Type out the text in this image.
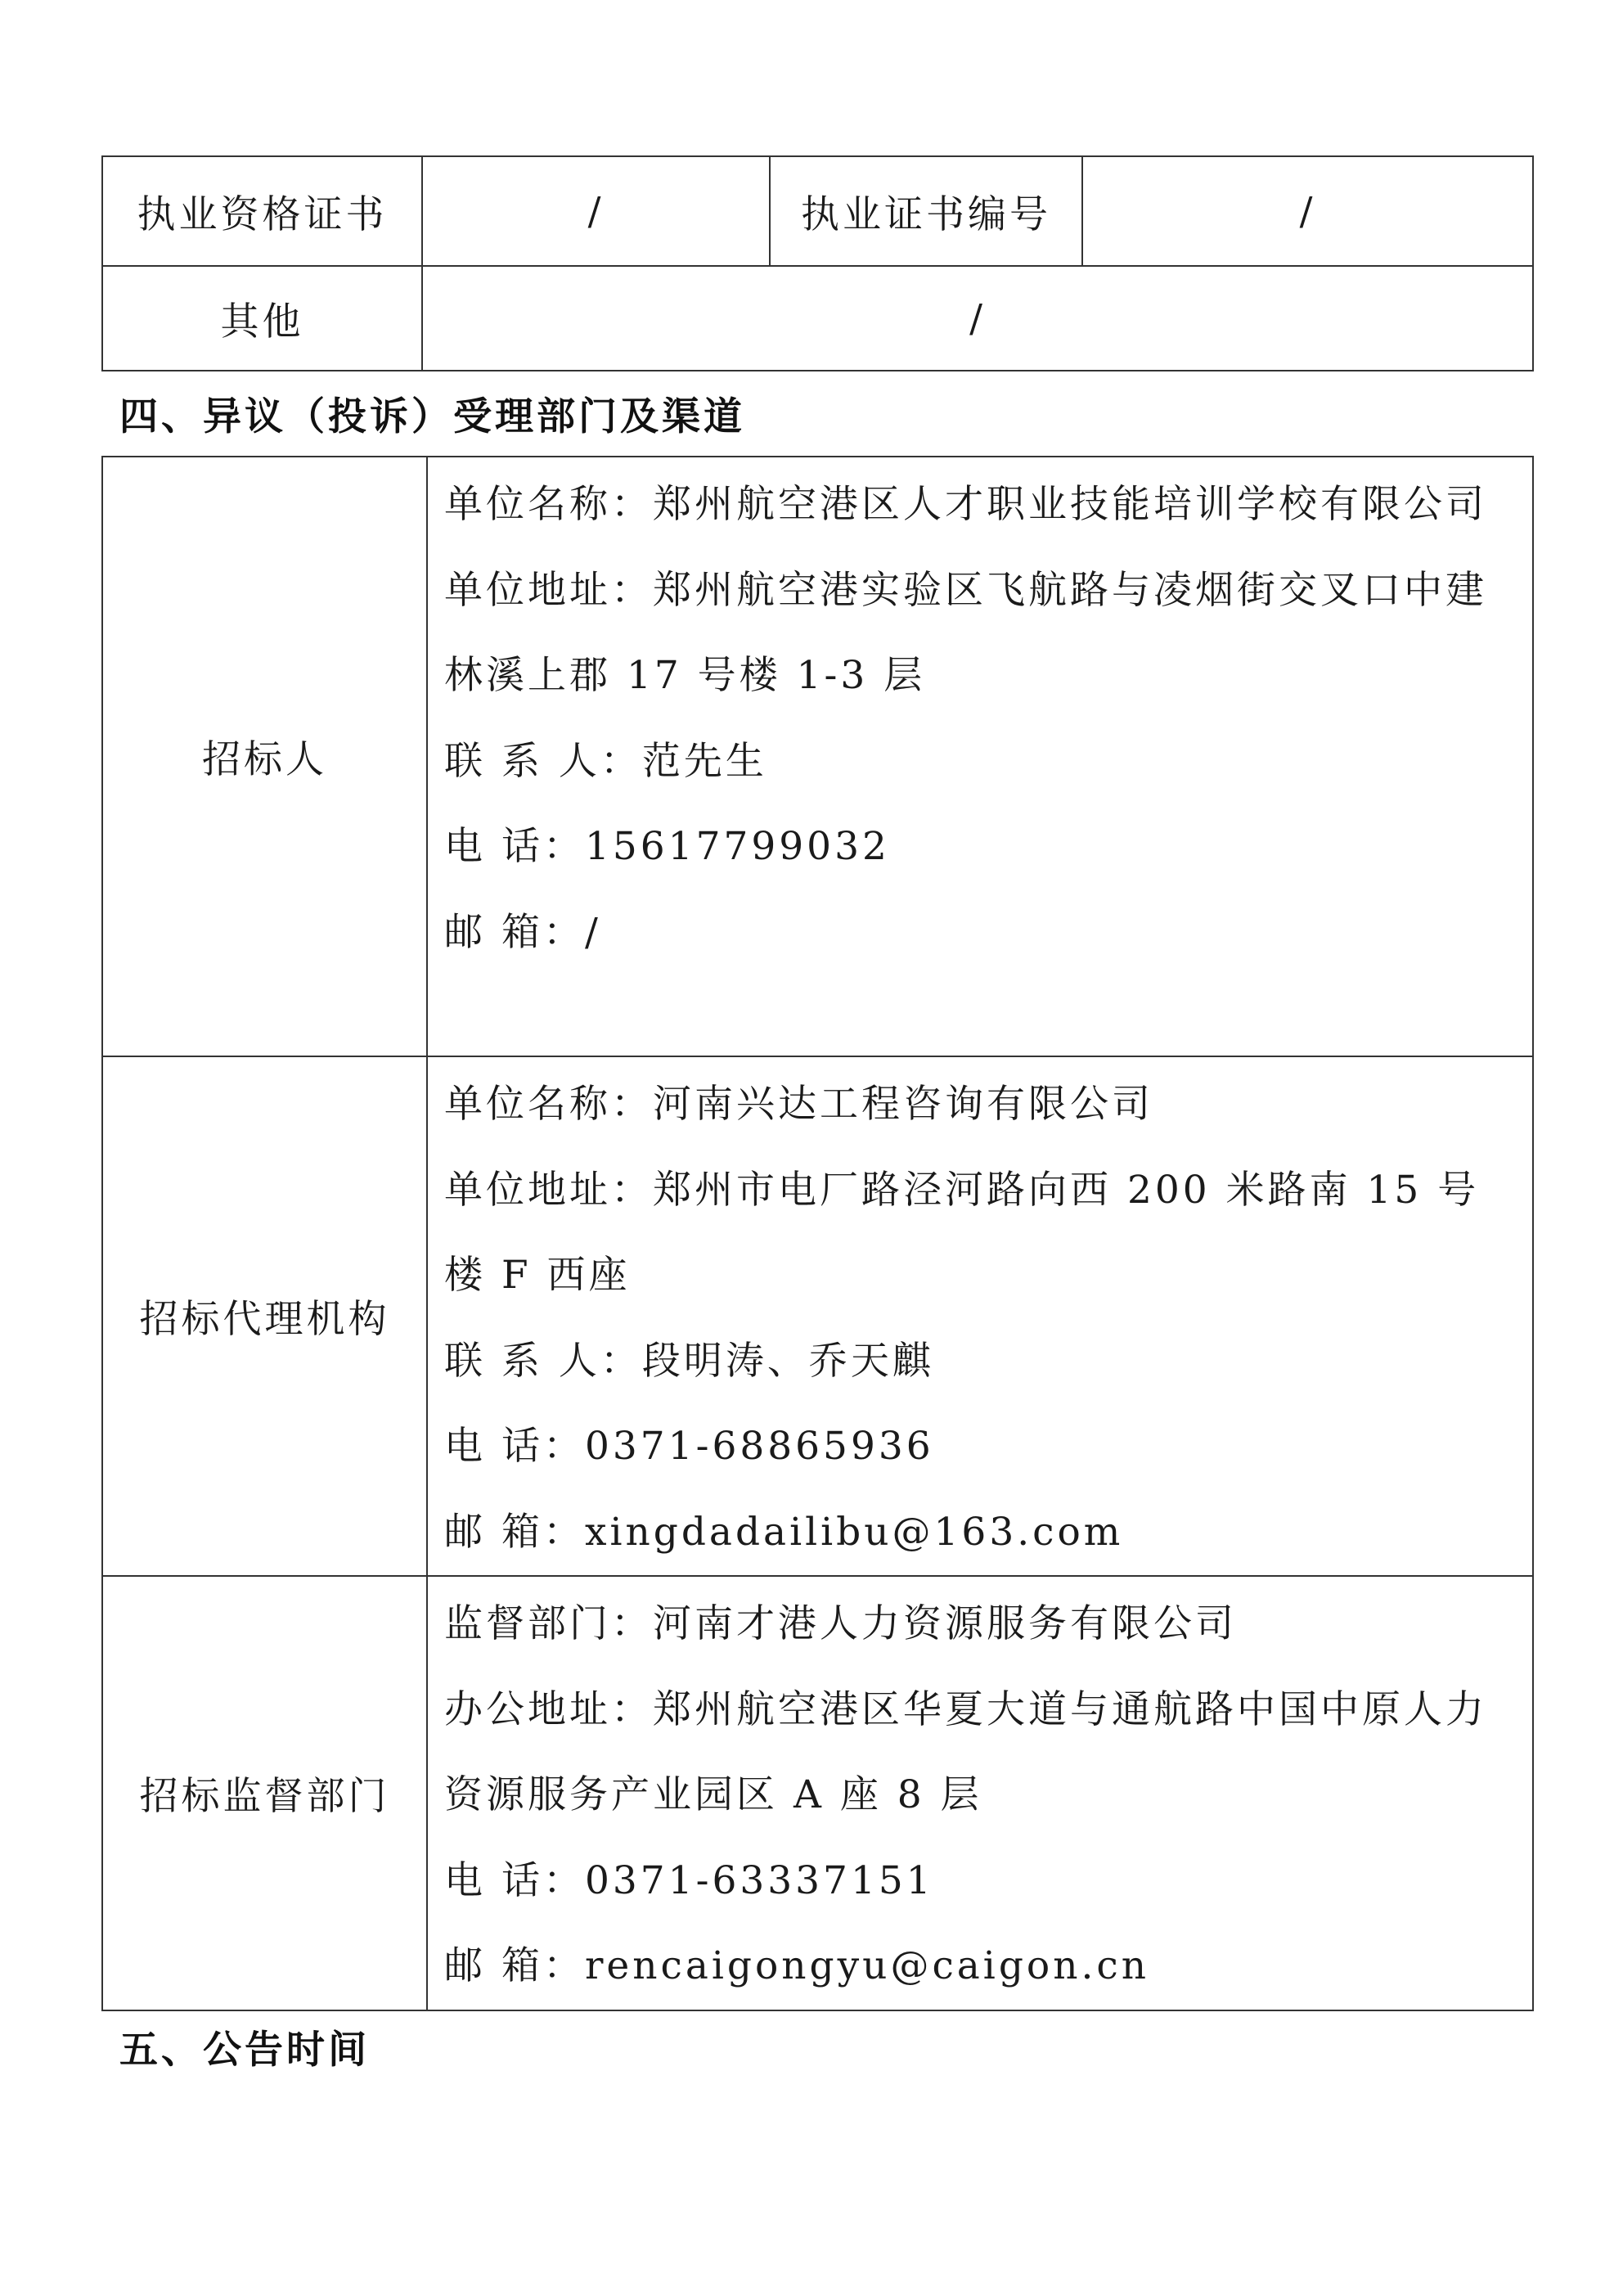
执业资格证书	/	执业证书编号	/
其他	/		
四、异议（投诉）受理部门及渠道
招标人	单位名称：郑州航空港区人才职业技能培训学校有限公司
单位地址：郑州航空港实验区飞航路与凌烟街交叉口中建林溪上郡 17 号楼 1-3 层
联 系 人：范先生
电 话：15617799032
邮 箱：/

招标代理机构	单位名称：河南兴达工程咨询有限公司
单位地址：郑州市电厂路泾河路向西 200 米路南 15 号楼 F 西座
联 系 人：段明涛、乔天麒
电 话：0371-68865936
邮 箱：xingdadailibu@163.com

招标监督部门	监督部门：河南才港人力资源服务有限公司
办公地址：郑州航空港区华夏大道与通航路中国中原人力资源服务产业园区 A 座 8 层
电 话：0371-63337151
邮 箱：rencaigongyu@caigon.cn
五、公告时间
